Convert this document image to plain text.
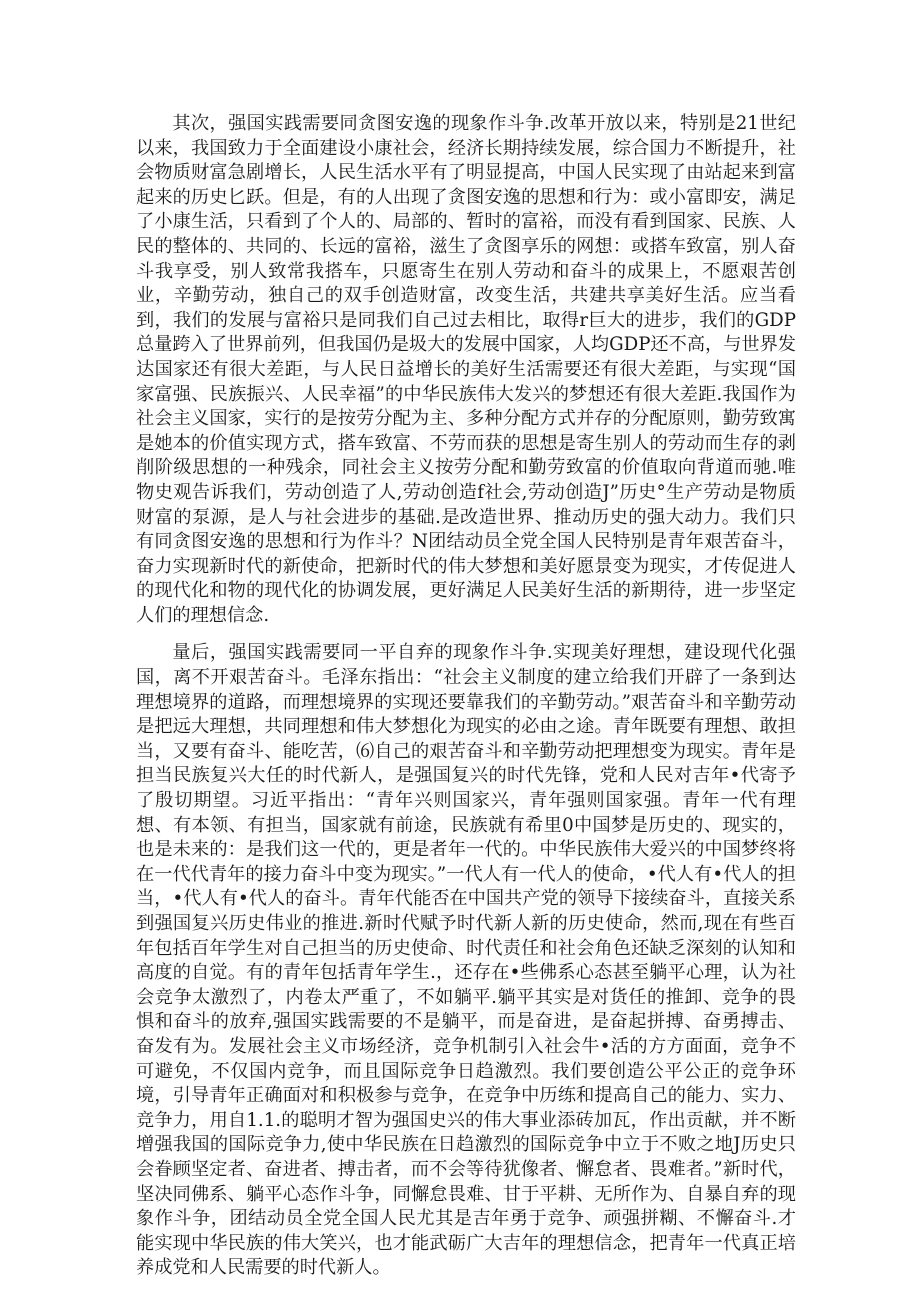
其次，强国实践需要同贪图安逸的现象作斗争.改革开放以来，特别是21世纪以来，我国致力于全面建设小康社会，经济长期持续发展，综合国力不断提升，社会物质财富急剧增长，人民生活水平有了明显提高，中国人民实现了由站起来到富起来的历史匕跃。但是，有的人出现了贪图安逸的思想和行为：或小富即安，满足了小康生活，只看到了个人的、局部的、暂时的富裕，而没有看到国家、民族、人民的整体的、共同的、长远的富裕，滋生了贪图享乐的网想：或搭车致富，别人奋斗我享受，别人致常我搭车，只愿寄生在别人劳动和奋斗的成果上，不愿艰苦创业，辛勤劳动，独自己的双手创造财富，改变生活，共建共享美好生活。应当看到，我们的发展与富裕只是同我们自己过去相比，取得r巨大的进步，我们的GDP总量跨入了世界前列，但我国仍是圾大的发展中国家，人均GDP还不高，与世界发达国家还有很大差距，与人民日益增长的美好生活需要还有很大差距，与实现“国家富强、民族振兴、人民幸福”的中华民族伟大发兴的梦想还有很大差距.我国作为社会主义国家，实行的是按劳分配为主、多种分配方式并存的分配原则，勤劳致寓是她本的价值实现方式，搭车致富、不劳而获的思想是寄生别人的劳动而生存的剥削阶级思想的一种残余，同社会主义按劳分配和勤劳致富的价值取向背道而驰.唯物史观告诉我们，劳动创造了人,劳动创造f社会,劳动创造J”历史°生产劳动是物质财富的泵源，是人与社会进步的基础.是改造世界、推动历史的强大动力。我们只有同贪图安逸的思想和行为作斗？N团结动员全党全国人民特别是青年艰苦奋斗，奋力实现新时代的新使命，把新时代的伟大梦想和美好愿景变为现实，才传促进人的现代化和物的现代化的协调发展，更好满足人民美好生活的新期待，进一步坚定人们的理想信念.

量后，强国实践需要同一平自弃的现象作斗争.实现美好理想，建设现代化强国，离不开艰苦奋斗。毛泽东指出：“社会主义制度的建立给我们开辟了一条到达理想境界的道路，而理想境界的实现还要靠我们的辛勤劳动。”艰苦奋斗和辛勤劳动是把远大理想，共同理想和伟大梦想化为现实的必由之途。青年既要有理想、敢担当，又要有奋斗、能吃苦，⑹自己的艰苦奋斗和辛勤劳动把理想变为现实。青年是担当民族复兴大任的时代新人，是强国复兴的时代先锋，党和人民对吉年•代寄予了殷切期望。习近平指出：“青年兴则国家兴，青年强则国家强。青年一代有理想、有本领、有担当，国家就有前途，民族就有希里0中国梦是历史的、现实的，也是未来的：是我们这一代的，更是者年一代的。中华民族伟大爱兴的中国梦终将在一代代青年的接力奋斗中变为现实。”一代人有一代人的使命，•代人有•代人的担当，•代人有•代人的奋斗。青年代能否在中国共产党的领导下接续奋斗，直接关系到强国复兴历史伟业的推进.新时代赋予时代新人新的历史使命，然而,现在有些百年包括百年学生对自己担当的历史使命、时代责任和社会角色还缺乏深刻的认知和高度的自觉。有的青年包括青年学生.，还存在•些佛系心态甚至躺平心理，认为社会竞争太激烈了，内卷太严重了，不如躺平.躺平其实是对货任的推卸、竞争的畏惧和奋斗的放弃,强国实践需要的不是躺平，而是奋进，是奋起拼搏、奋勇搏击、奋发有为。发展社会主义市场经济，竞争机制引入社会牛•活的方方面面，竞争不可避免，不仅国内竞争，而且国际竞争日趋激烈。我们要创造公平公正的竞争环境，引导青年正确面对和积极参与竞争，在竞争中历练和提高自己的能力、实力、竞争力，用自1.1.的聪明才智为强国史兴的伟大事业添砖加瓦，作出贡献，并不断增强我国的国际竞争力,使中华民族在日趋激烈的国际竞争中立于不败之地J历史只会眷顾坚定者、奋进者、搏击者，而不会等待犹像者、懈怠者、畏难者。”新时代，坚决同佛系、躺平心态作斗争，同懈怠畏难、甘于平耕、无所作为、自暴自弃的现象作斗争，团结动员全党全国人民尤其是吉年勇于竞争、顽强拼糊、不懈奋斗.才能实现中华民族的伟大笑兴，也才能武砺广大吉年的理想信念，把青年一代真正培养成党和人民需要的时代新人。
